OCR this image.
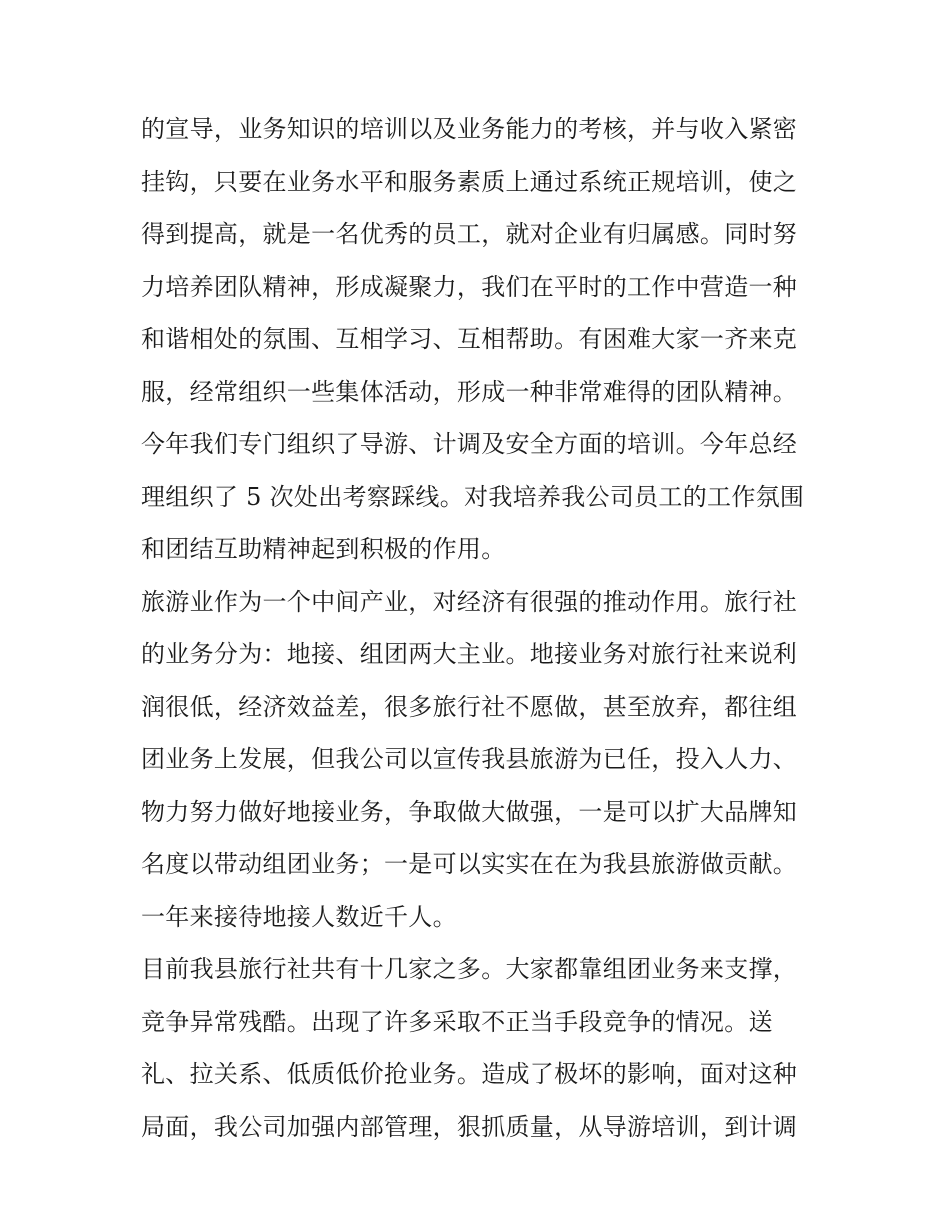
的宣导，业务知识的培训以及业务能力的考核，并与收入紧密
挂钩，只要在业务水平和服务素质上通过系统正规培训，使之
得到提高，就是一名优秀的员工，就对企业有归属感。同时努
力培养团队精神，形成凝聚力，我们在平时的工作中营造一种
和谐相处的氛围、互相学习、互相帮助。有困难大家一齐来克
服，经常组织一些集体活动，形成一种非常难得的团队精神。
今年我们专门组织了导游、计调及安全方面的培训。今年总经
理组织了 5 次处出考察踩线。对我培养我公司员工的工作氛围
和团结互助精神起到积极的作用。
旅游业作为一个中间产业，对经济有很强的推动作用。旅行社
的业务分为：地接、组团两大主业。地接业务对旅行社来说利
润很低，经济效益差，很多旅行社不愿做，甚至放弃，都往组
团业务上发展，但我公司以宣传我县旅游为已任，投入人力、
物力努力做好地接业务，争取做大做强，一是可以扩大品牌知
名度以带动组团业务；一是可以实实在在为我县旅游做贡献。
一年来接待地接人数近千人。
目前我县旅行社共有十几家之多。大家都靠组团业务来支撑，
竞争异常残酷。出现了许多采取不正当手段竞争的情况。送
礼、拉关系、低质低价抢业务。造成了极坏的影响，面对这种
局面，我公司加强内部管理，狠抓质量，从导游培训，到计调
